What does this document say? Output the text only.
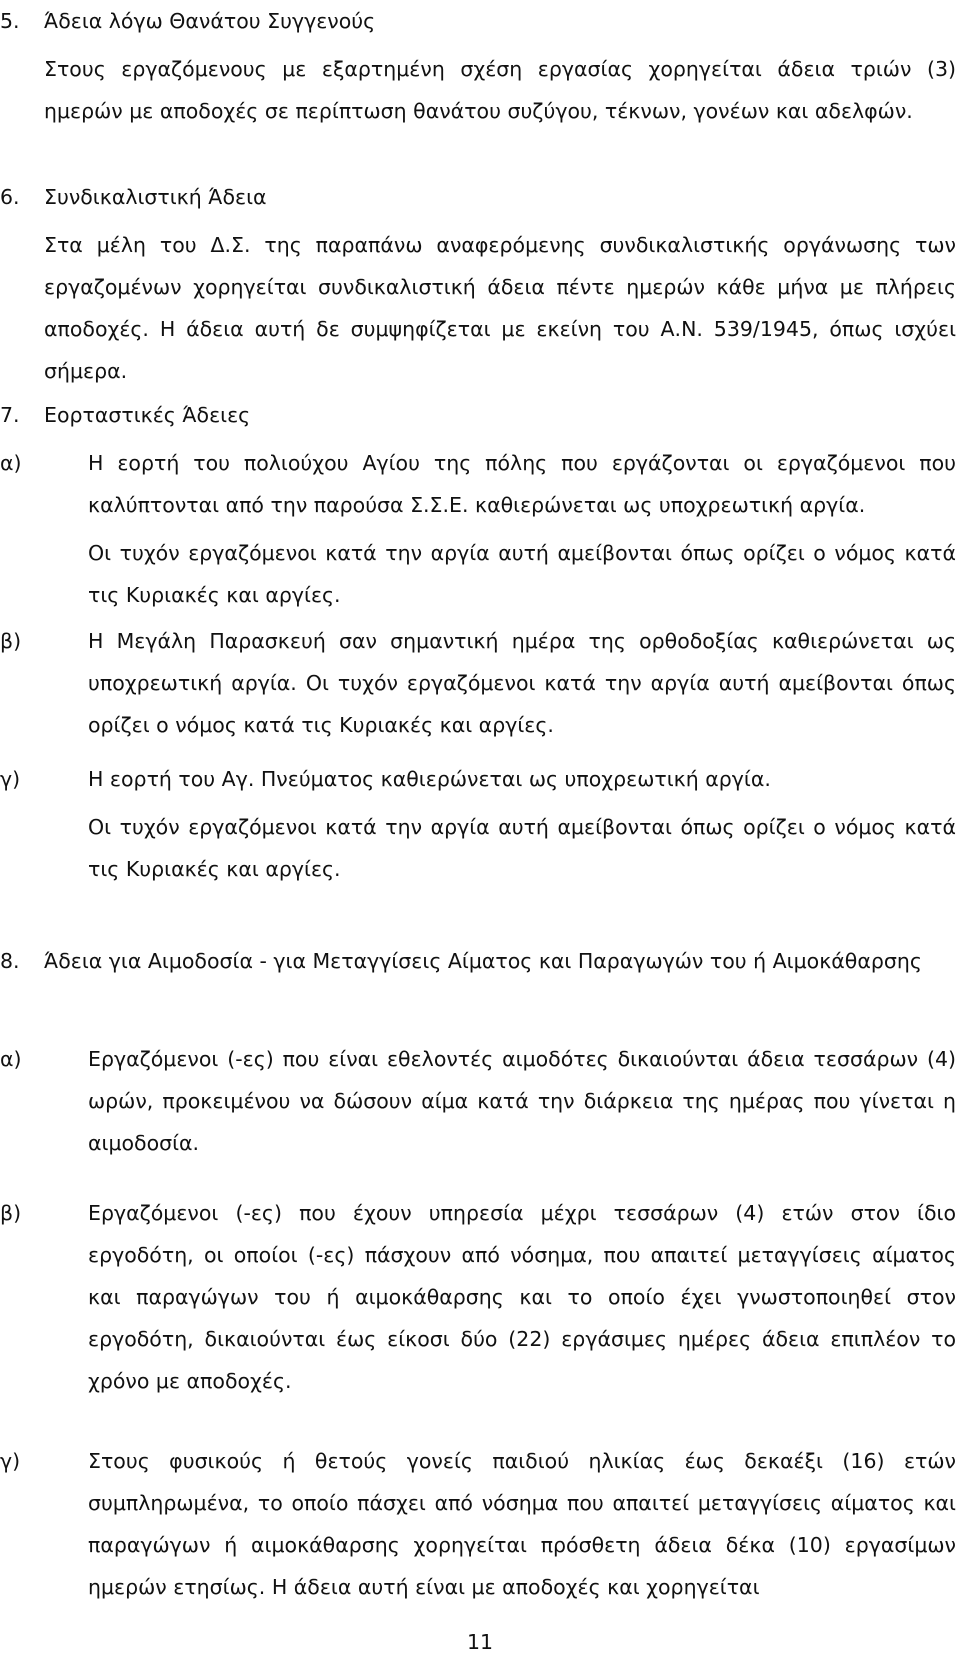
5. Άδεια λόγω Θανάτου Συγγενούς
Στους εργαζόμενους με εξαρτημένη σχέση εργασίας χορηγείται άδεια τριών (3) ημερών με αποδοχές σε περίπτωση θανάτου συζύγου, τέκνων, γονέων και αδελφών.
6. Συνδικαλιστική Άδεια
Στα μέλη του Δ.Σ. της παραπάνω αναφερόμενης συνδικαλιστικής οργάνωσης των εργαζομένων χορηγείται συνδικαλιστική άδεια πέντε ημερών κάθε μήνα με πλήρεις αποδοχές. Η άδεια αυτή δε συμψηφίζεται με εκείνη του Α.Ν. 539/1945, όπως ισχύει σήμερα.
7. Εορταστικές Άδειες
α)	Η εορτή του πολιούχου Αγίου της πόλης που εργάζονται οι εργαζόμενοι που καλύπτονται από την παρούσα Σ.Σ.Ε. καθιερώνεται ως υποχρεωτική αργία.
Οι τυχόν εργαζόμενοι κατά την αργία αυτή αμείβονται όπως ορίζει ο νόμος κατά τις Κυριακές και αργίες.
β)	Η Μεγάλη Παρασκευή σαν σημαντική ημέρα της ορθοδοξίας καθιερώνεται ως υποχρεωτική αργία. Οι τυχόν εργαζόμενοι κατά την αργία αυτή αμείβονται όπως ορίζει ο νόμος κατά τις Κυριακές και αργίες.
γ)	Η εορτή του Αγ. Πνεύματος καθιερώνεται ως υποχρεωτική αργία.
Οι τυχόν εργαζόμενοι κατά την αργία αυτή αμείβονται όπως ορίζει ο νόμος κατά τις Κυριακές και αργίες.
8. Άδεια για Αιμοδοσία - για Μεταγγίσεις Αίματος και Παραγωγών του ή Αιμοκάθαρσης
α)	Εργαζόμενοι (-ες) που είναι εθελοντές αιμοδότες δικαιούνται άδεια τεσσάρων (4) ωρών, προκειμένου να δώσουν αίμα κατά την διάρκεια της ημέρας που γίνεται η αιμοδοσία.
β)	Εργαζόμενοι (-ες) που έχουν υπηρεσία μέχρι τεσσάρων (4) ετών στον ίδιο εργοδότη, οι οποίοι (-ες) πάσχουν από νόσημα, που απαιτεί μεταγγίσεις αίματος και παραγώγων του ή αιμοκάθαρσης και το οποίο έχει γνωστοποιηθεί στον εργοδότη, δικαιούνται έως είκοσι δύο (22) εργάσιμες ημέρες άδεια επιπλέον το χρόνο με αποδοχές.
γ)	Στους φυσικούς ή θετούς γονείς παιδιού ηλικίας έως δεκαέξι (16) ετών συμπληρωμένα, το οποίο πάσχει από νόσημα που απαιτεί μεταγγίσεις αίματος και παραγώγων ή αιμοκάθαρσης χορηγείται πρόσθετη άδεια δέκα (10) εργασίμων ημερών ετησίως. Η άδεια αυτή είναι με αποδοχές και χορηγείται
11
